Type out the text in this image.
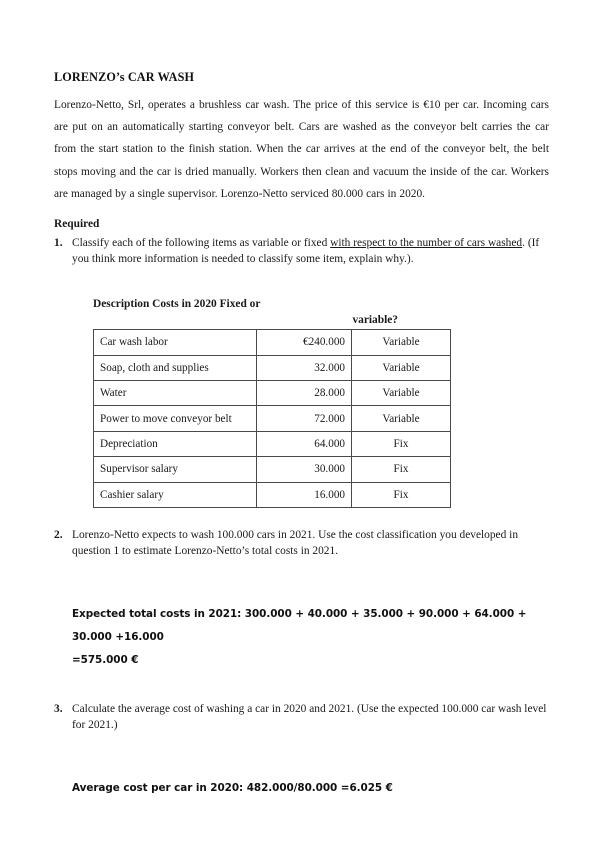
LORENZO’s CAR WASH

Lorenzo-Netto, Srl, operates a brushless car wash. The price of this service is €10 per car. Incoming cars are put on an automatically starting conveyor belt. Cars are washed as the conveyor belt carries the car from the start station to the finish station. When the car arrives at the end of the conveyor belt, the belt stops moving and the car is dried manually. Workers then clean and vacuum the inside of the car. Workers are managed by a single supervisor. Lorenzo-Netto serviced 80.000 cars in 2020.

Required
1. Classify each of the following items as variable or fixed with respect to the number of cars washed. (If you think more information is needed to classify some item, explain why.).
Description Costs in 2020 Fixed or
variable?
Car wash labor	€240.000	Variable
Soap, cloth and supplies	32.000	Variable
Water	28.000	Variable
Power to move conveyor belt	72.000	Variable
Depreciation	64.000	Fix
Supervisor salary	30.000	Fix
Cashier salary	16.000	Fix
2. Lorenzo-Netto expects to wash 100.000 cars in 2021. Use the cost classification you developed in question 1 to estimate Lorenzo-Netto’s total costs in 2021.
Expected total costs in 2021: 300.000 + 40.000 + 35.000 + 90.000 + 64.000 + 30.000 +16.000
=575.000 €
3. Calculate the average cost of washing a car in 2020 and 2021. (Use the expected 100.000 car wash level for 2021.)
Average cost per car in 2020: 482.000/80.000 =6.025 €
